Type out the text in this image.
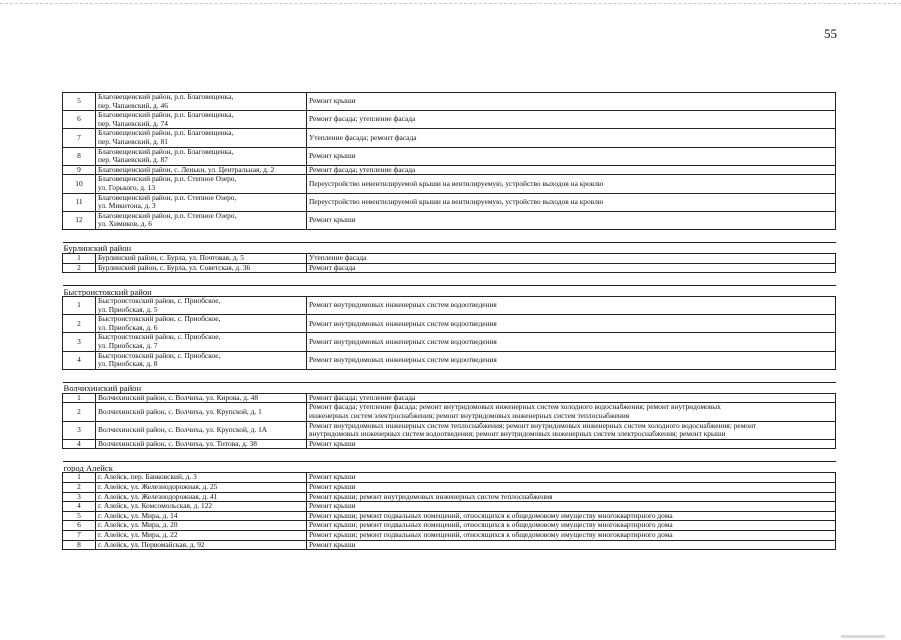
55
5	Благовещенский район, р.п. Благовещенка,
пер. Чапаевский, д. 46	Ремонт крыши
6	Благовещенский район, р.п. Благовещенка,
пер. Чапаевский, д. 74	Ремонт фасада; утепление фасада
7	Благовещенский район, р.п. Благовещенка,
пер. Чапаевский, д. 81	Утепление фасада; ремонт фасада
8	Благовещенский район, р.п. Благовещенка,
пер. Чапаевский, д. 87	Ремонт крыши
9	Благовещенский район, с. Леньки, ул. Центральная, д. 2	Ремонт фасада; утепление фасада
10	Благовещенский район, р.п. Степное Озеро,
ул. Горького, д. 13	Переустройство невентилируемой крыши на вентилируемую, устройство выходов на кровлю
11	Благовещенский район, р.п. Степное Озеро,
ул. Микитона, д. 3	Переустройство невентилируемой крыши на вентилируемую, устройство выходов на кровлю
12	Благовещенский район, р.п. Степное Озеро,
ул. Химиков, д. 6	Ремонт крыши

Бурлинский район		
1	Бурлинский район, с. Бурла, ул. Почтовая, д. 5	Утепление фасада
2	Бурлинский район, с. Бурла, ул. Советская, д. 36	Ремонт фасада

Быстроистокский район		
1	Быстроистокский район, с. Приобское,
ул. Приобская, д. 5	Ремонт внутридомовых инженерных систем водоотведения
2	Быстроистокский район, с. Приобское,
ул. Приобская, д. 6	Ремонт внутридомовых инженерных систем водоотведения
3	Быстроистокский район, с. Приобское,
ул. Приобская, д. 7	Ремонт внутридомовых инженерных систем водоотведения
4	Быстроистокский район, с. Приобское,
ул. Приобская, д. 8	Ремонт внутридомовых инженерных систем водоотведения

Волчихинский район		
1	Волчихинский район, с. Волчиха, ул. Кирова, д. 48	Ремонт фасада; утепление фасада
2	Волчихинский район, с. Волчиха, ул. Крупской, д. 1	Ремонт фасада; утепление фасада; ремонт внутридомовых инженерных систем холодного водоснабжения; ремонт внутридомовых
инженерных систем электроснабжения; ремонт внутридомовых инженерных систем теплоснабжения
3	Волчихинский район, с. Волчиха, ул. Крупской, д. 1А	Ремонт внутридомовых инженерных систем теплоснабжения; ремонт внутридомовых инженерных систем холодного водоснабжения; ремонт
внутридомовых инженерных систем водоотведения; ремонт внутридомовых инженерных систем электроснабжения; ремонт крыши
4	Волчихинский район, с. Волчиха, ул. Титова, д. 38	Ремонт крыши

город Алейск		
1	г. Алейск, пер. Банковский, д. 3	Ремонт крыши
2	г. Алейск, ул. Железнодорожная, д. 25	Ремонт крыши
3	г. Алейск, ул. Железнодорожная, д. 41	Ремонт крыши; ремонт внутридомовых инженерных систем теплоснабжения
4	г. Алейск, ул. Комсомольская, д. 122	Ремонт крыши
5	г. Алейск, ул. Мира, д. 14	Ремонт крыши; ремонт подвальных помещений, относящихся к общедомовому имуществу многоквартирного дома
6	г. Алейск, ул. Мира, д. 20	Ремонт крыши; ремонт подвальных помещений, относящихся к общедомовому имуществу многоквартирного дома
7	г. Алейск, ул. Мира, д. 22	Ремонт крыши; ремонт подвальных помещений, относящихся к общедомовому имуществу многоквартирного дома
8	г. Алейск, ул. Первомайская, д. 92	Ремонт крыши
